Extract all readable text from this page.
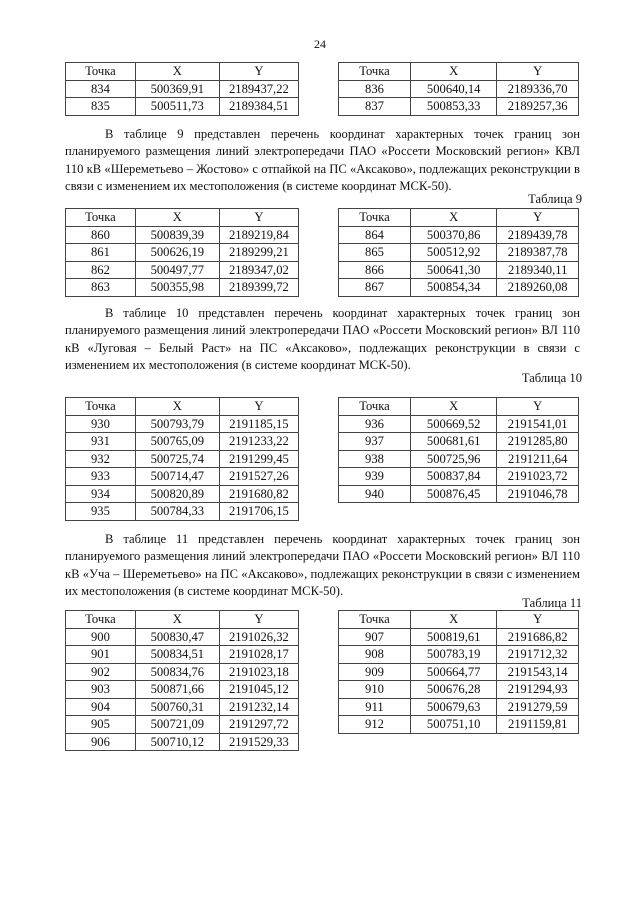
24
Точка	X	Y
834	500369,91	2189437,22
835	500511,73	2189384,51
Точка	X	Y
836	500640,14	2189336,70
837	500853,33	2189257,36
В таблице 9 представлен перечень координат характерных точек границ зон планируемого размещения линий электропередачи ПАО «Россети Московский регион» КВЛ 110 кВ «Шереметьево – Жостово» с отпайкой на ПС «Аксаково», подлежащих реконструкции в связи с изменением их местоположения (в системе координат МСК-50).
Таблица 9
Точка	X	Y
860	500839,39	2189219,84
861	500626,19	2189299,21
862	500497,77	2189347,02
863	500355,98	2189399,72
Точка	X	Y
864	500370,86	2189439,78
865	500512,92	2189387,78
866	500641,30	2189340,11
867	500854,34	2189260,08
В таблице 10 представлен перечень координат характерных точек границ зон планируемого размещения линий электропередачи ПАО «Россети Московский регион» ВЛ 110 кВ «Луговая – Белый Раст» на ПС «Аксаково», подлежащих реконструкции в связи с изменением их местоположения (в системе координат МСК-50).
Таблица 10
Точка	X	Y
930	500793,79	2191185,15
931	500765,09	2191233,22
932	500725,74	2191299,45
933	500714,47	2191527,26
934	500820,89	2191680,82
935	500784,33	2191706,15
Точка	X	Y
936	500669,52	2191541,01
937	500681,61	2191285,80
938	500725,96	2191211,64
939	500837,84	2191023,72
940	500876,45	2191046,78
В таблице 11 представлен перечень координат характерных точек границ зон планируемого размещения линий электропередачи ПАО «Россети Московский регион» ВЛ 110 кВ «Уча – Шереметьево» на ПС «Аксаково», подлежащих реконструкции в связи с изменением их местоположения (в системе координат МСК-50).
Таблица 11
Точка	X	Y
900	500830,47	2191026,32
901	500834,51	2191028,17
902	500834,76	2191023,18
903	500871,66	2191045,12
904	500760,31	2191232,14
905	500721,09	2191297,72
906	500710,12	2191529,33
Точка	X	Y
907	500819,61	2191686,82
908	500783,19	2191712,32
909	500664,77	2191543,14
910	500676,28	2191294,93
911	500679,63	2191279,59
912	500751,10	2191159,81
